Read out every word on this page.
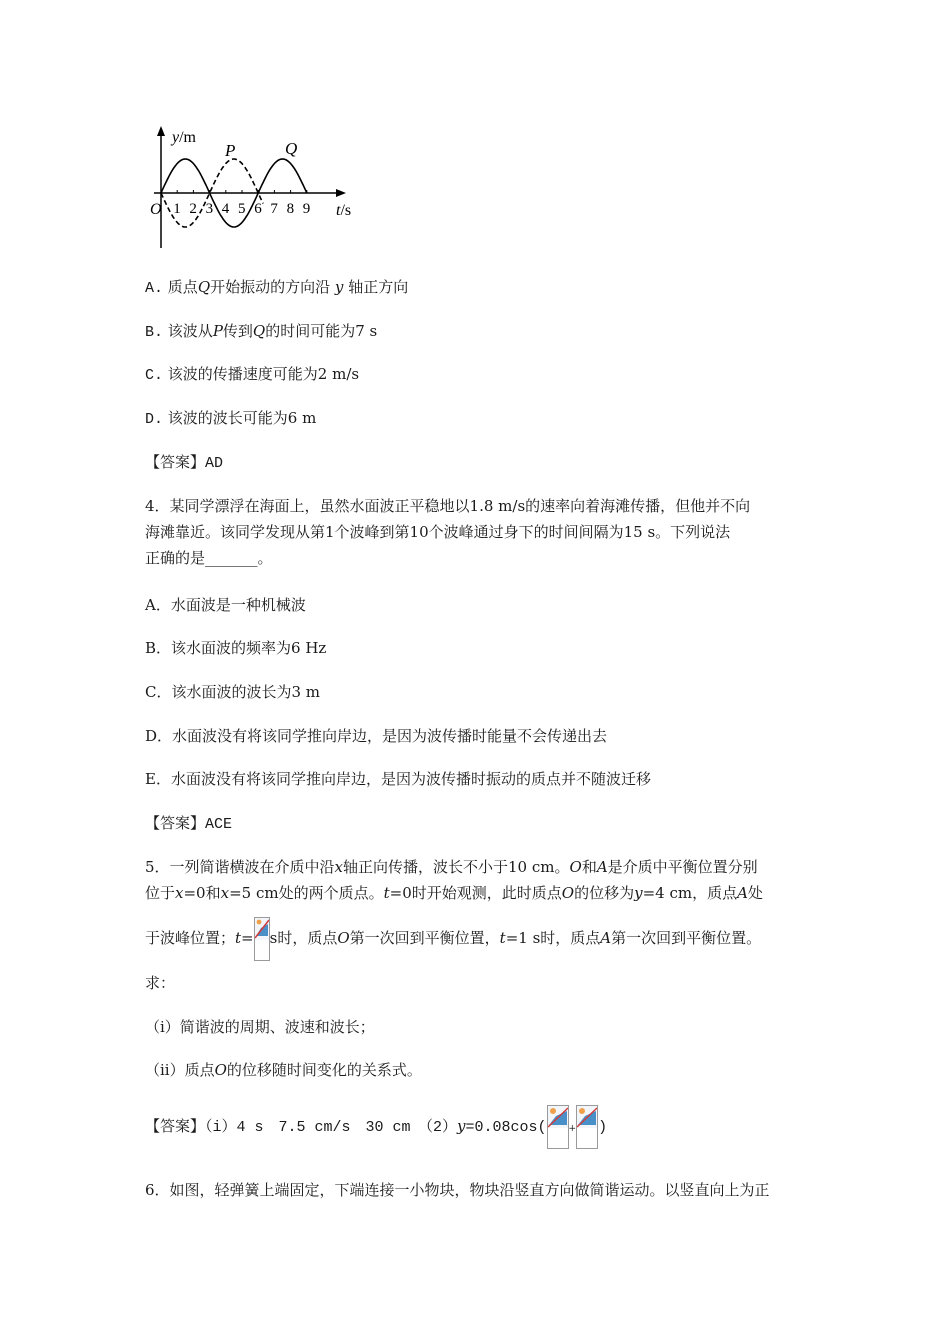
y/m
P	Q
O	t/s
1 2 3 4 5 6 7 8 9
A. 质点Q开始振动的方向沿 y 轴正方向
B. 该波从P传到Q的时间可能为7 s
C. 该波的传播速度可能为2 m/s
D. 该波的波长可能为6 m
【答案】AD
4．某同学漂浮在海面上，虽然水面波正平稳地以1.8 m/s的速率向着海滩传播，但他并不向
海滩靠近。该同学发现从第1个波峰到第10个波峰通过身下的时间间隔为15 s。下列说法
正确的是_______。
A．水面波是一种机械波
B．该水面波的频率为6 Hz
C．该水面波的波长为3 m
D．水面波没有将该同学推向岸边，是因为波传播时能量不会传递出去
E．水面波没有将该同学推向岸边，是因为波传播时振动的质点并不随波迁移
【答案】ACE
5．一列简谐横波在介质中沿x轴正向传播，波长不小于10 cm。O和A是介质中平衡位置分别
位于x=0和x=5 cm处的两个质点。t=0时开始观测，此时质点O的位移为y=4 cm，质点A处
于波峰位置；t= s时，质点O第一次回到平衡位置，t=1 s时，质点A第一次回到平衡位置。
求：
（i）简谐波的周期、波速和波长；
（ii）质点O的位移随时间变化的关系式。
【答案】（i）4 s　7.5 cm/s　30 cm　（2）y=0.08cos( + )
6．如图，轻弹簧上端固定，下端连接一小物块，物块沿竖直方向做简谐运动。以竖直向上为正
